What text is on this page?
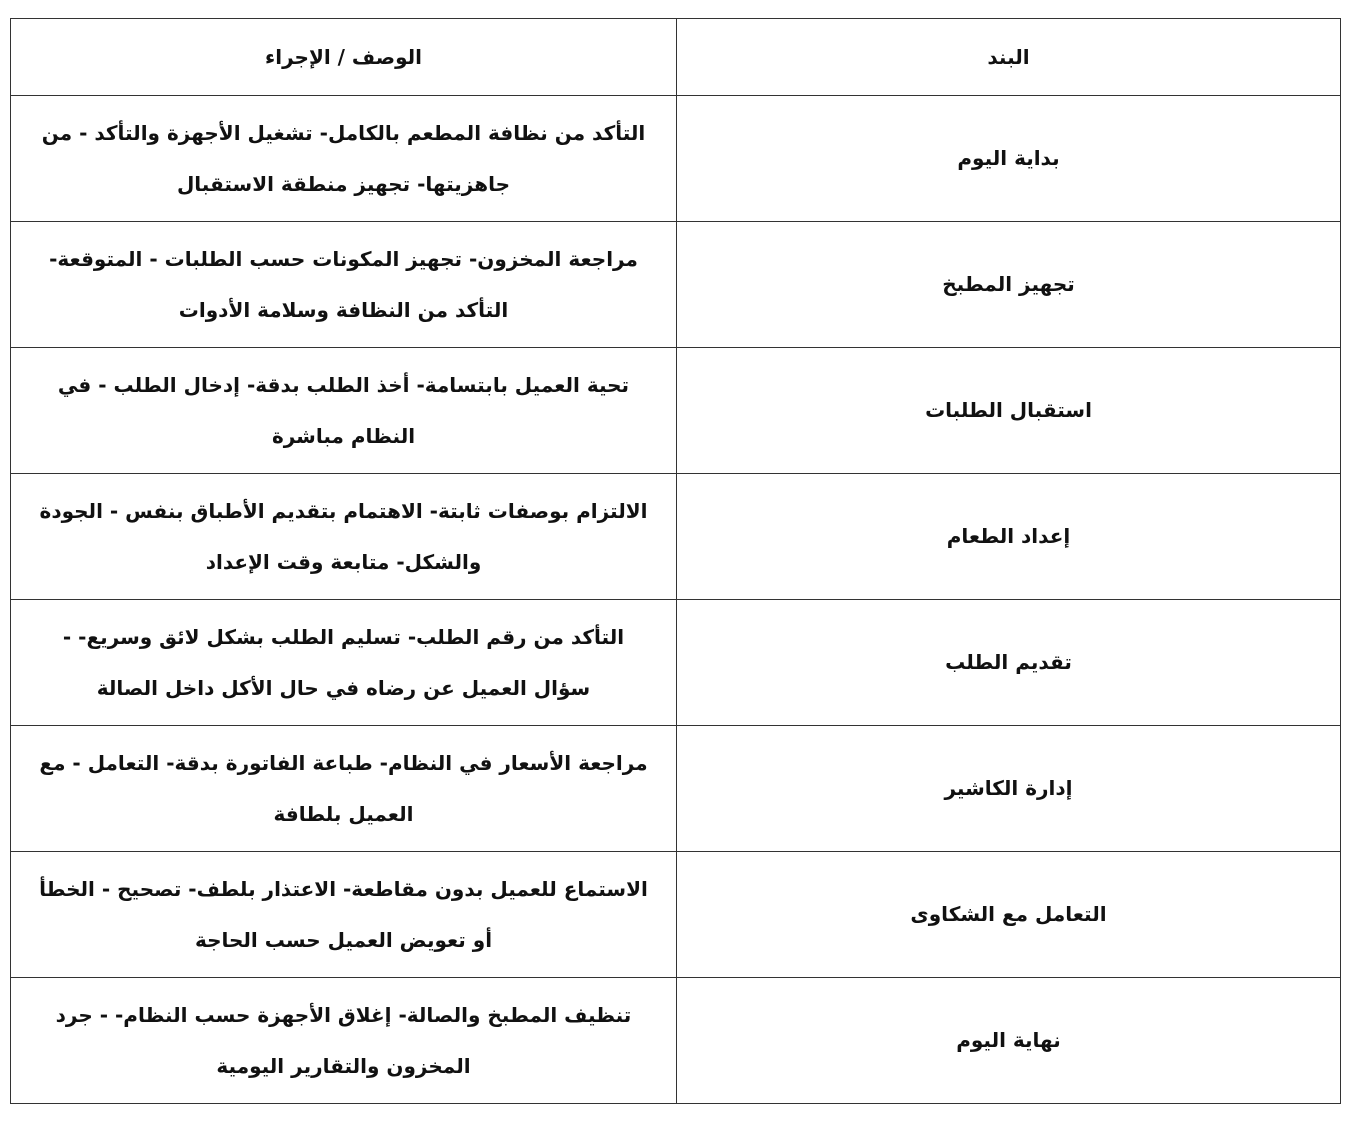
البند	الوصف / الإجراء
بداية اليوم	التأكد من نظافة المطعم بالكامل- تشغيل الأجهزة والتأكد - من جاهزيتها- تجهيز منطقة الاستقبال
تجهيز المطبخ	مراجعة المخزون- تجهيز المكونات حسب الطلبات - المتوقعة- التأكد من النظافة وسلامة الأدوات
استقبال الطلبات	تحية العميل بابتسامة- أخذ الطلب بدقة- إدخال الطلب - في النظام مباشرة
إعداد الطعام	الالتزام بوصفات ثابتة- الاهتمام بتقديم الأطباق بنفس - الجودة والشكل- متابعة وقت الإعداد
تقديم الطلب	التأكد من رقم الطلب- تسليم الطلب بشكل لائق وسريع- - سؤال العميل عن رضاه في حال الأكل داخل الصالة
إدارة الكاشير	مراجعة الأسعار في النظام- طباعة الفاتورة بدقة- التعامل - مع العميل بلطافة
التعامل مع الشكاوى	الاستماع للعميل بدون مقاطعة- الاعتذار بلطف- تصحيح - الخطأ أو تعويض العميل حسب الحاجة
نهاية اليوم	تنظيف المطبخ والصالة- إغلاق الأجهزة حسب النظام- - جرد المخزون والتقارير اليومية
